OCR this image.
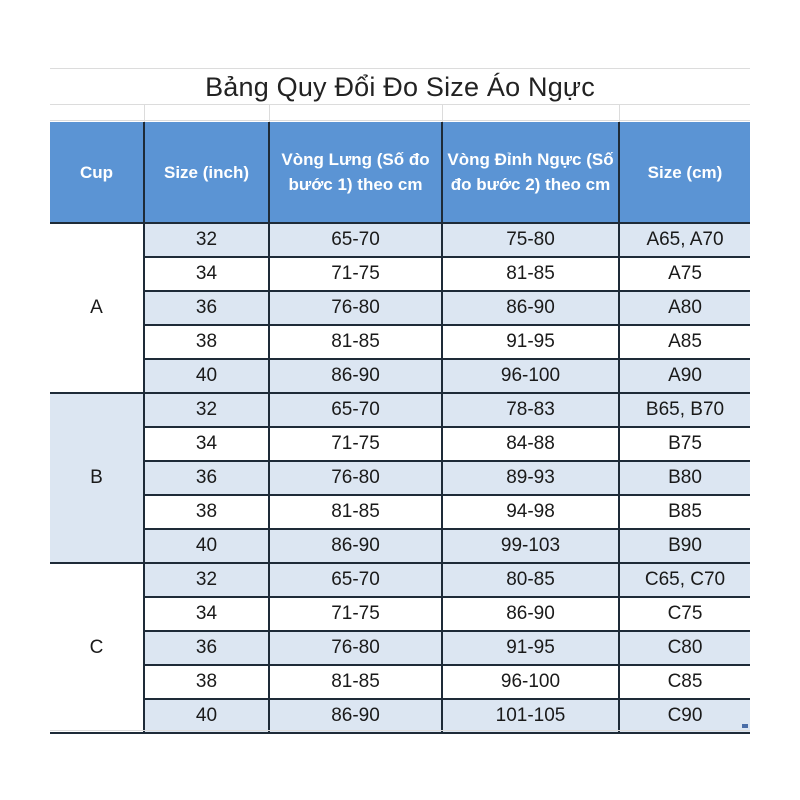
Bảng Quy Đổi Đo Size Áo Ngực
Cup	Size (inch)	Vòng Lưng (Số đo bước 1) theo cm	Vòng Đỉnh Ngực (Số đo bước 2) theo cm	Size (cm)
A	32	65-70	75-80	A65, A70
	34	71-75	81-85	A75
	36	76-80	86-90	A80
	38	81-85	91-95	A85
	40	86-90	96-100	A90
B	32	65-70	78-83	B65, B70
	34	71-75	84-88	B75
	36	76-80	89-93	B80
	38	81-85	94-98	B85
	40	86-90	99-103	B90
C	32	65-70	80-85	C65, C70
	34	71-75	86-90	C75
	36	76-80	91-95	C80
	38	81-85	96-100	C85
	40	86-90	101-105	C90
